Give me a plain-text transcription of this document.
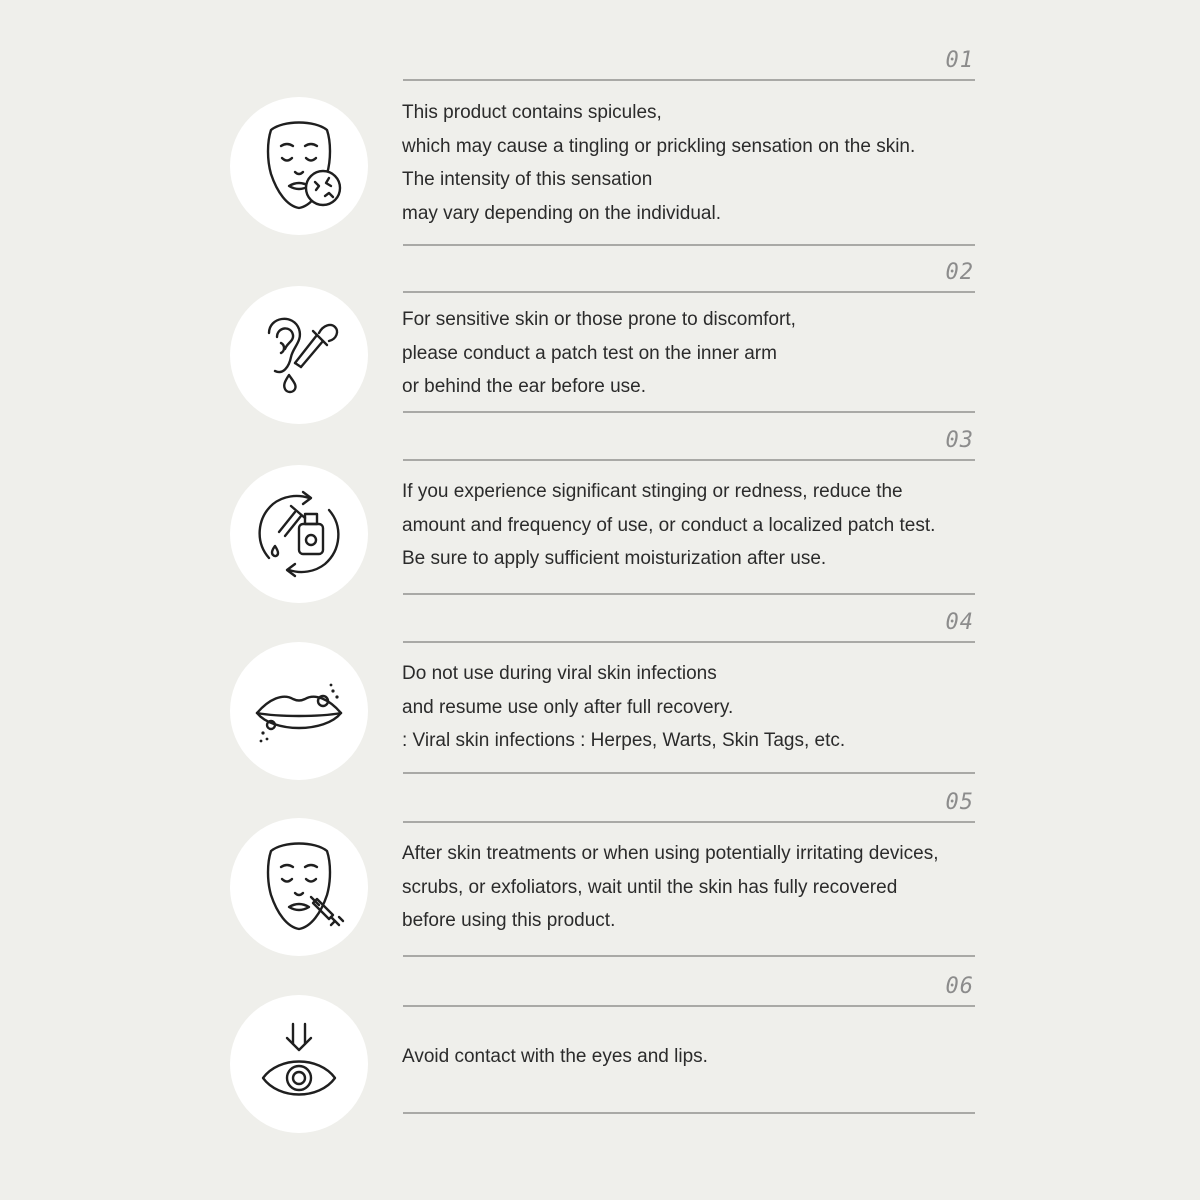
01
This product contains spicules,
which may cause a tingling or prickling sensation on the skin.
The intensity of this sensation
may vary depending on the individual.
02
For sensitive skin or those prone to discomfort,
please conduct a patch test on the inner arm
or behind the ear before use.
03
If you experience significant stinging or redness, reduce the
amount and frequency of use, or conduct a localized patch test.
Be sure to apply sufficient moisturization after use.
04
Do not use during viral skin infections
and resume use only after full recovery.
: Viral skin infections : Herpes, Warts, Skin Tags, etc.
05
After skin treatments or when using potentially irritating devices,
scrubs, or exfoliators, wait until the skin has fully recovered
before using this product.
06
Avoid contact with the eyes and lips.
